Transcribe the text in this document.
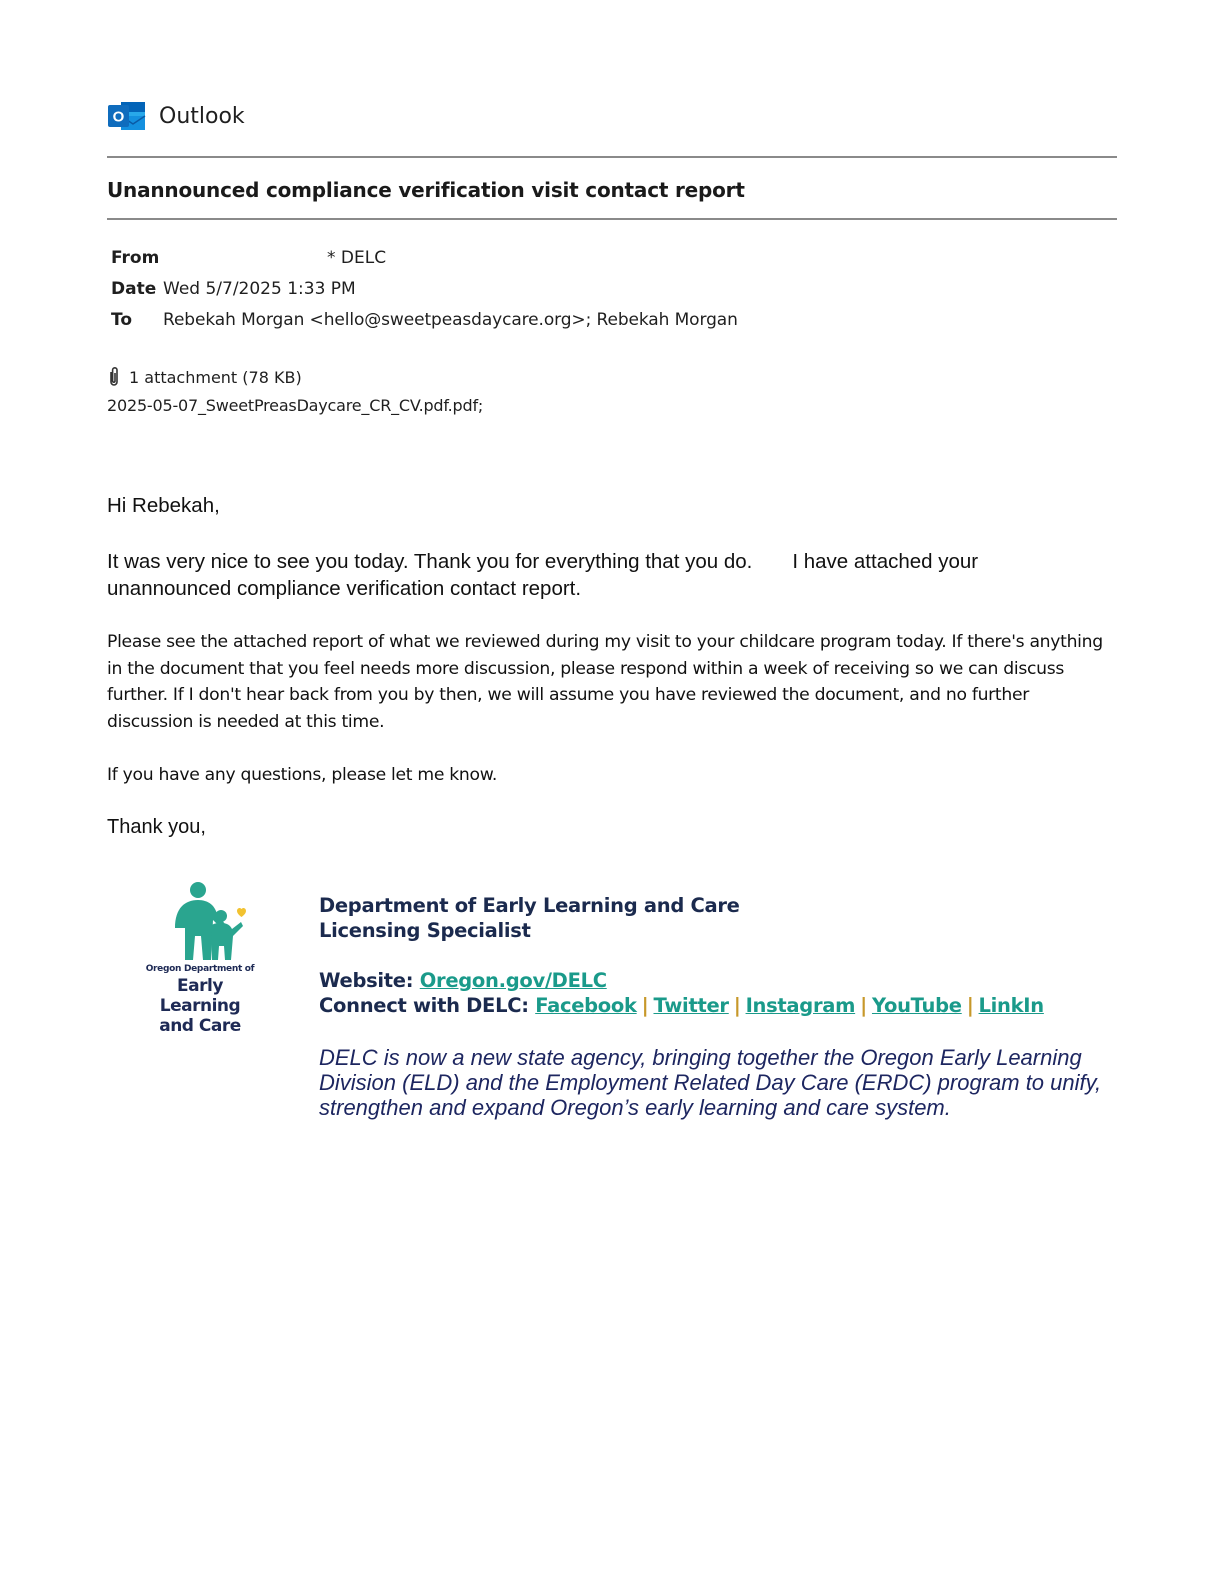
O Outlook
Unannounced compliance verification visit contact report
From	* DELC
Date Wed 5/7/2025 1:33 PM
To	Rebekah Morgan <hello@sweetpeasdaycare.org>; Rebekah Morgan
1 attachment (78 KB)
2025-05-07_SweetPreasDaycare_CR_CV.pdf.pdf;
Hi Rebekah,
It was very nice to see you today. Thank you for everything that you do. I have attached your unannounced compliance verification contact report.
Please see the attached report of what we reviewed during my visit to your childcare program today. If there's anything in the document that you feel needs more discussion, please respond within a week of receiving so we can discuss further. If I don't hear back from you by then, we will assume you have reviewed the document, and no further discussion is needed at this time.
If you have any questions, please let me know.
Thank you,
Oregon Department of
Early Learning
and Care
Department of Early Learning and Care
Licensing Specialist
Website: Oregon.gov/DELC
Connect with DELC: Facebook | Twitter | Instagram | YouTube | LinkIn
DELC is now a new state agency, bringing together the Oregon Early Learning Division (ELD) and the Employment Related Day Care (ERDC) program to unify, strengthen and expand Oregon’s early learning and care system.
